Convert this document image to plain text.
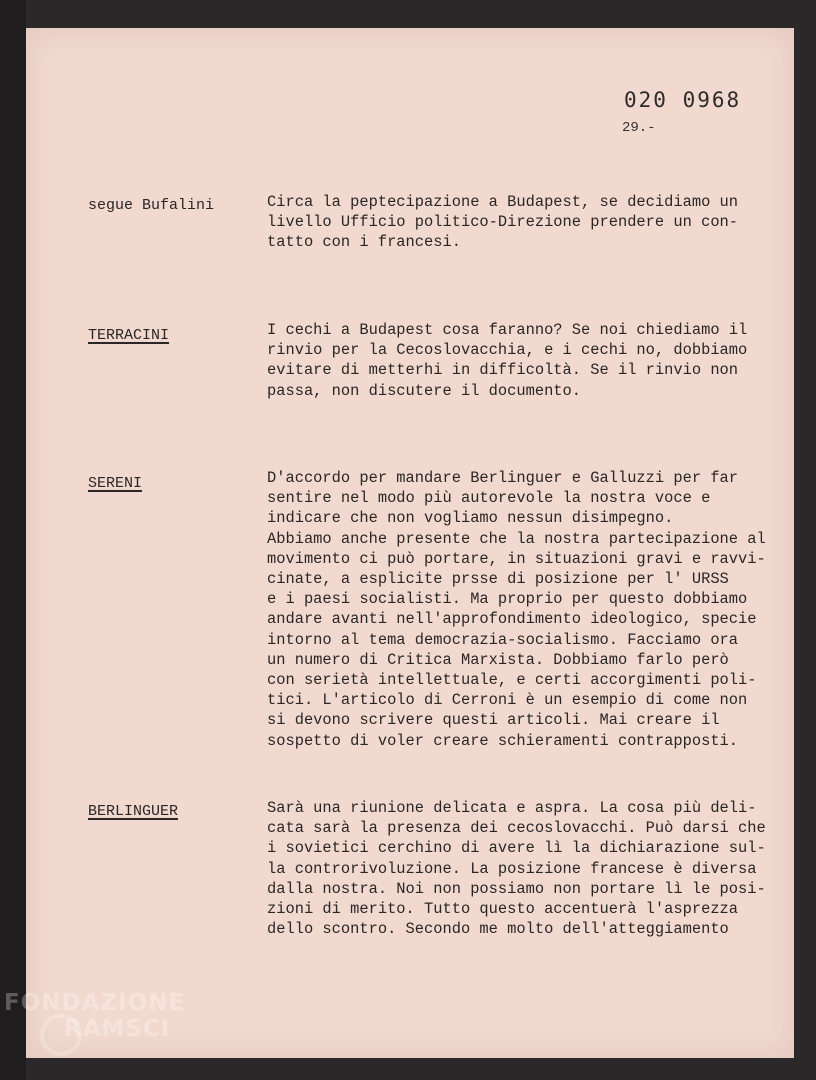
020 0968
29.-
segue Bufalini	Circa la peptecipazione a Budapest, se decidiamo un

livello Ufficio politico-Direzione prendere un con-

tatto con i francesi.

TERRACINI	I cechi a Budapest cosa faranno? Se noi chiediamo il

rinvio per la Cecoslovacchia, e i cechi no, dobbiamo

evitare di metterhi in difficoltà. Se il rinvio non

passa, non discutere il documento.

SERENI	D'accordo per mandare Berlinguer e Galluzzi per far

sentire nel modo più autorevole la nostra voce e

indicare che non vogliamo nessun disimpegno.

Abbiamo anche presente che la nostra partecipazione al

movimento ci può portare, in situazioni gravi e ravvi-

cinate, a esplicite prsse di posizione per l' URSS

e i paesi socialisti. Ma proprio per questo dobbiamo

andare avanti nell'approfondimento ideologico, specie

intorno al tema democrazia-socialismo. Facciamo ora

un numero di Critica Marxista. Dobbiamo farlo però

con serietà intellettuale, e certi accorgimenti poli-

tici. L'articolo di Cerroni è un esempio di come non

si devono scrivere questi articoli. Mai creare il

sospetto di voler creare schieramenti contrapposti.

BERLINGUER	Sarà una riunione delicata e aspra. La cosa più deli-

cata sarà la presenza dei cecoslovacchi. Può darsi che

i sovietici cerchino di avere lì la dichiarazione sul-

la controrivoluzione. La posizione francese è diversa

dalla nostra. Noi non possiamo non portare lì le posi-

zioni di merito. Tutto questo accentuerà l'asprezza

dello scontro. Secondo me molto dell'atteggiamento

FONDAZIONE
RAMSCI
